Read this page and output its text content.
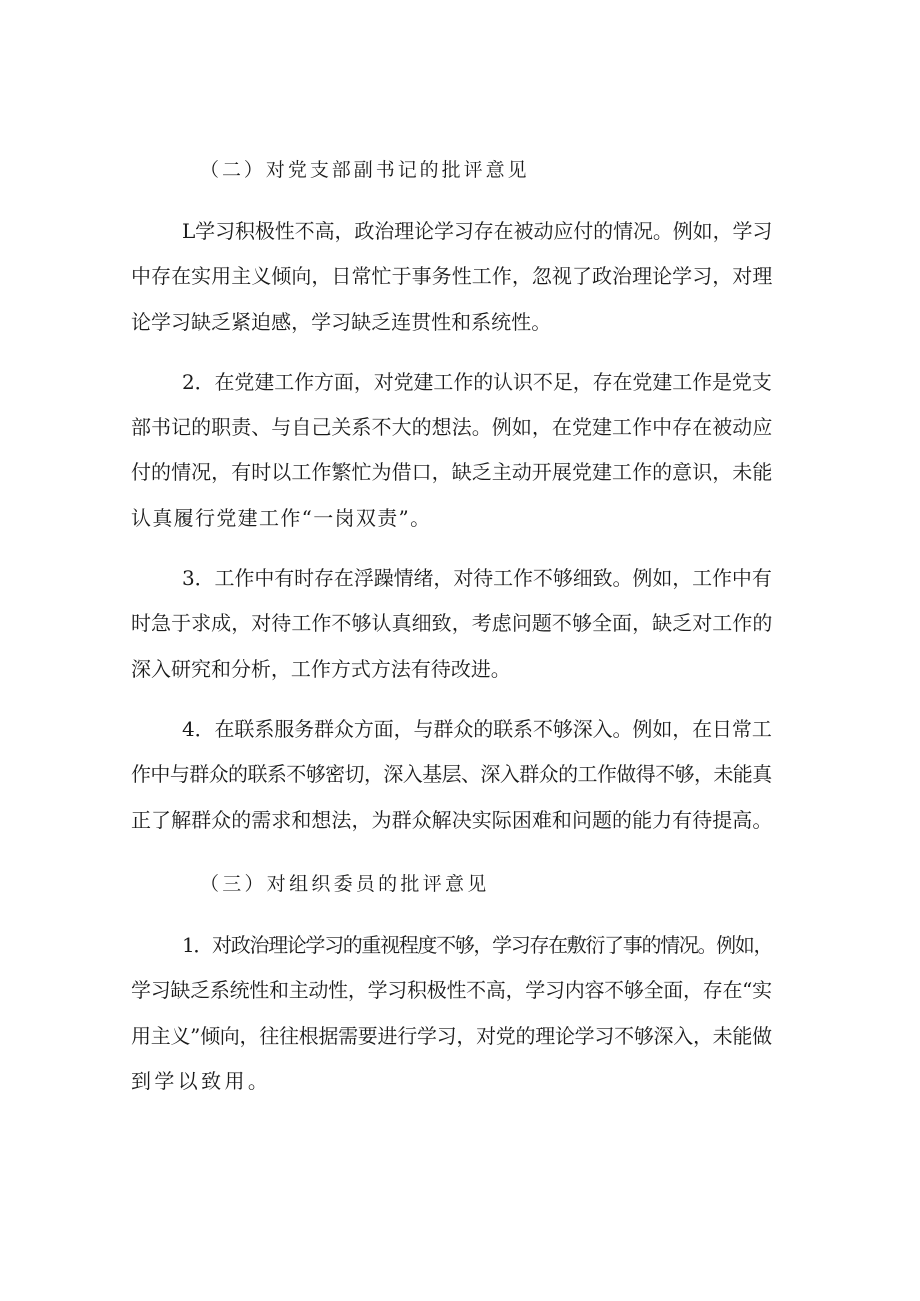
（二）对党支部副书记的批评意见
L学习积极性不高，政治理论学习存在被动应付的情况。例如，学习
中存在实用主义倾向，日常忙于事务性工作，忽视了政治理论学习，对理
论学习缺乏紧迫感，学习缺乏连贯性和系统性。
2．在党建工作方面，对党建工作的认识不足，存在党建工作是党支
部书记的职责、与自己关系不大的想法。例如，在党建工作中存在被动应
付的情况，有时以工作繁忙为借口，缺乏主动开展党建工作的意识，未能
认真履行党建工作“一岗双责”。
3．工作中有时存在浮躁情绪，对待工作不够细致。例如，工作中有
时急于求成，对待工作不够认真细致，考虑问题不够全面，缺乏对工作的
深入研究和分析，工作方式方法有待改进。
4．在联系服务群众方面，与群众的联系不够深入。例如，在日常工
作中与群众的联系不够密切，深入基层、深入群众的工作做得不够，未能真
正了解群众的需求和想法，为群众解决实际困难和问题的能力有待提高。
（三）对组织委员的批评意见
1．对政治理论学习的重视程度不够，学习存在敷衍了事的情况。例如，
学习缺乏系统性和主动性，学习积极性不高，学习内容不够全面，存在“实
用主义”倾向，往往根据需要进行学习，对党的理论学习不够深入，未能做
到学以致用。
